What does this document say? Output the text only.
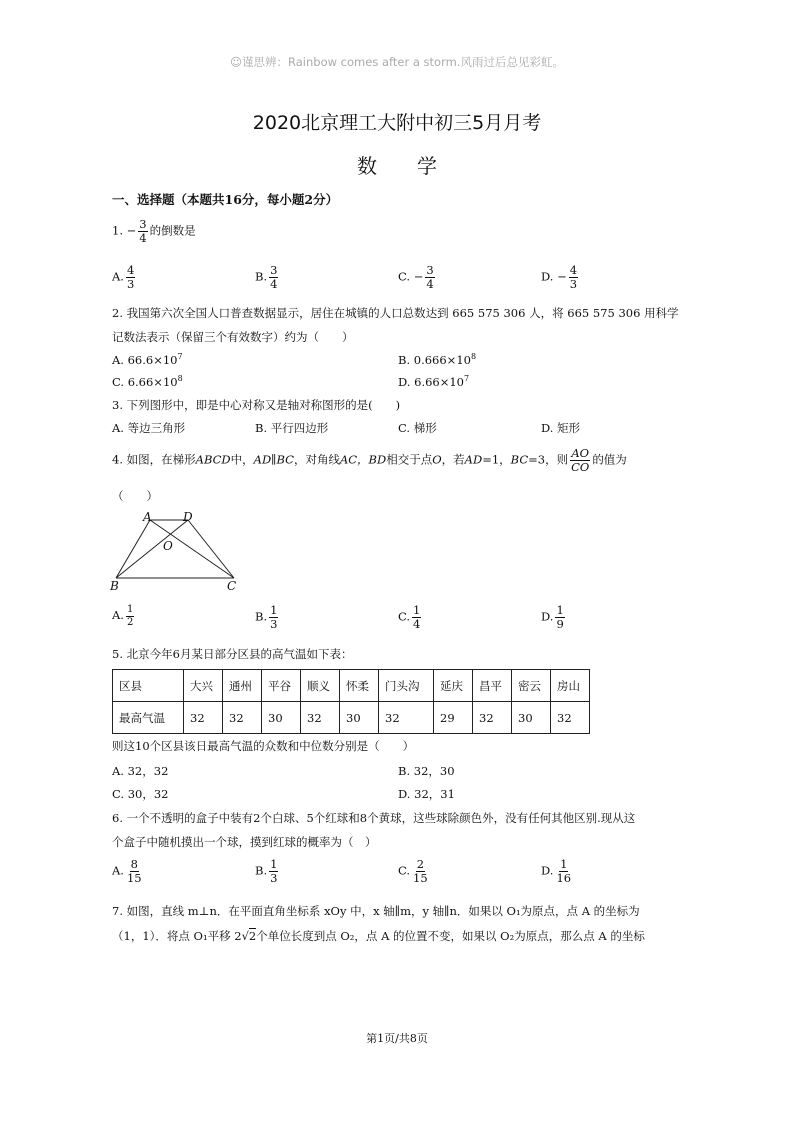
☺谨思辨：Rainbow comes after a storm.风雨过后总见彩虹。
2020北京理工大附中初三5月月考
数　　学
一、选择题（本题共16分，每小题2分）
1. − $\frac{3}{4}$ 的倒数是
A. $\frac{4}{3}$	B. $\frac{3}{4}$	C. − $\frac{3}{4}$	D. − $\frac{4}{3}$
2. 我国第六次全国人口普查数据显示，居住在城镇的人口总数达到 665 575 306 人，将 665 575 306 用科学
记数法表示（保留三个有效数字）约为（　　）
A. $66.6\times 10^7$	B. $0.666\times 10^8$
C. $6.66\times 10^8$	D. $6.66\times 10^7$
3. 下列图形中，即是中心对称又是轴对称图形的是(　　)
A. 等边三角形	B. 平行四边形	C. 梯形	D. 矩形
4. 如图，在梯形ABCD中，AD∥BC，对角线AC，BD相交于点O，若AD=1，BC=3，则 $\frac{AO}{CO}$ 的值为
（　　）
A	D
O
B	C
A. $\frac{1}{2}$	B. $\frac{1}{3}$	C. $\frac{1}{4}$	D. $\frac{1}{9}$
5. 北京今年6月某日部分区县的高气温如下表：
区县	大兴	通州	平谷	顺义	怀柔	门头沟	延庆	昌平	密云	房山
最高气温	32	32	30	32	30	32	29	32	30	32
则这10个区县该日最高气温的众数和中位数分别是（　　）
A. 32，32	B. 32，30
C. 30，32	D. 32，31
6. 一个不透明的盒子中装有2个白球、5个红球和8个黄球，这些球除颜色外，没有任何其他区别.现从这
个盒子中随机摸出一个球，摸到红球的概率为（　）
A. $\frac{8}{15}$	B. $\frac{1}{3}$	C. $\frac{2}{15}$	D. $\frac{1}{16}$
7. 如图，直线 m⊥n．在平面直角坐标系 xOy 中，x 轴∥m，y 轴∥n．如果以 O₁为原点，点 A 的坐标为
（1，1）．将点 O₁平移 2√2个单位长度到点 O₂，点 A 的位置不变，如果以 O₂为原点，那么点 A 的坐标
第1页/共8页
